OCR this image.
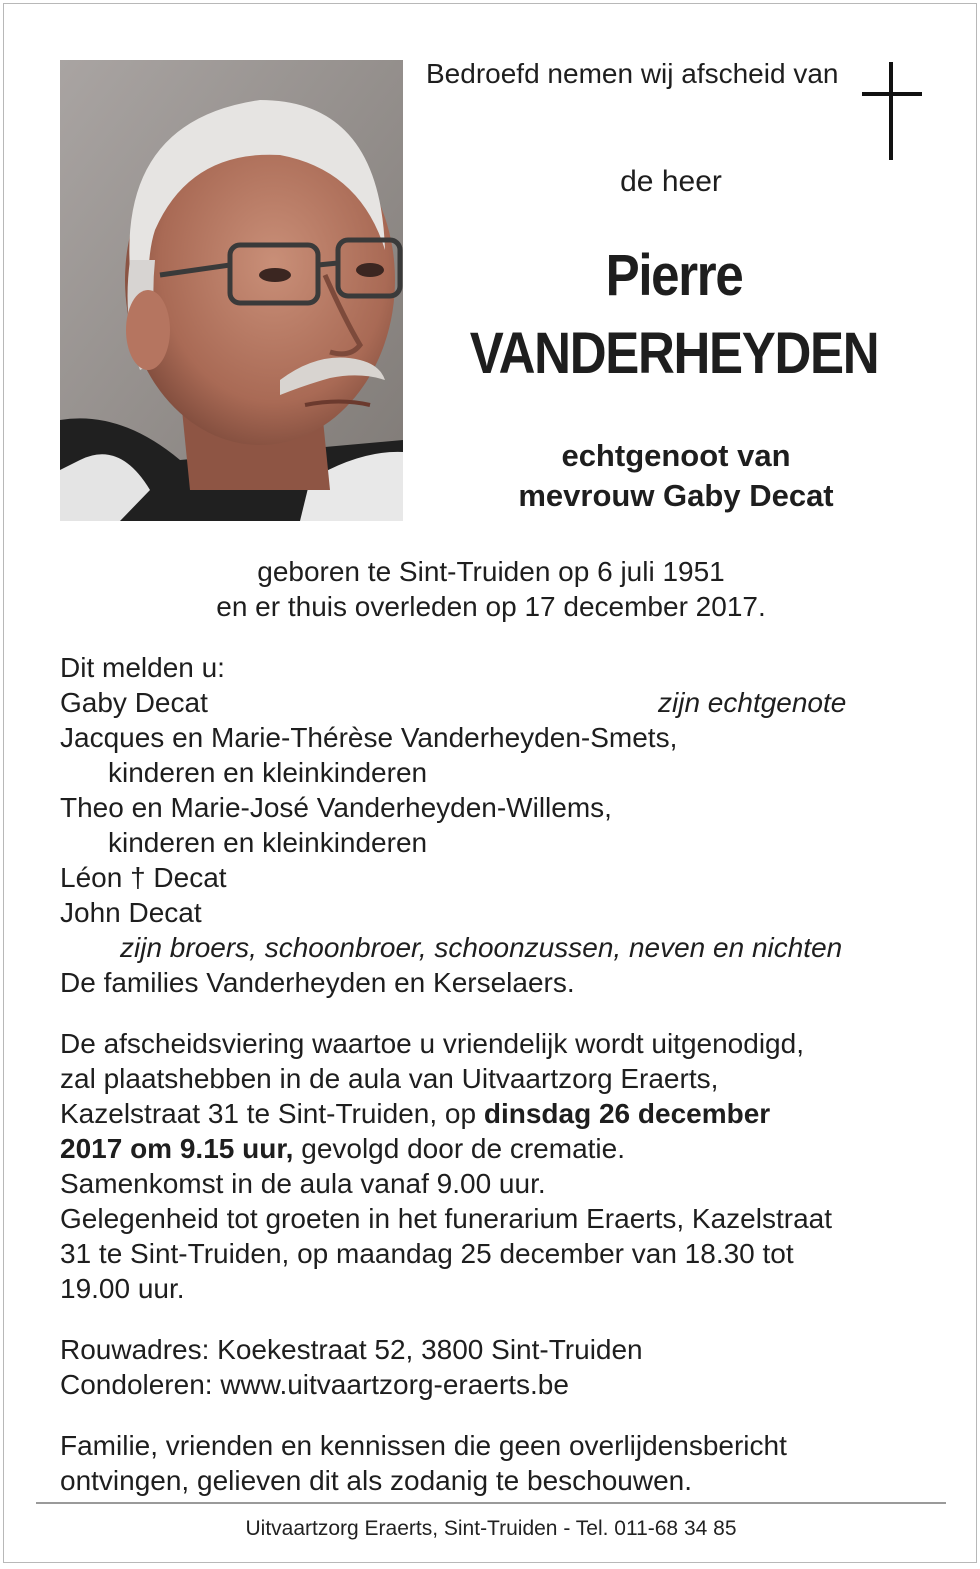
Bedroefd nemen wij afscheid van
de heer
Pierre
VANDERHEYDEN
echtgenoot van
mevrouw Gaby Decat
geboren te Sint-Truiden op 6 juli 1951
en er thuis overleden op 17 december 2017.
Dit melden u:
Gaby Decat	zijn echtgenote
Jacques en Marie-Thérèse Vanderheyden-Smets,
kinderen en kleinkinderen
Theo en Marie-José Vanderheyden-Willems,
kinderen en kleinkinderen
Léon † Decat
John Decat
zijn broers, schoonbroer, schoonzussen, neven en nichten
De families Vanderheyden en Kerselaers.
De afscheidsviering waartoe u vriendelijk wordt uitgenodigd,
zal plaatshebben in de aula van Uitvaartzorg Eraerts,
Kazelstraat 31 te Sint-Truiden, op dinsdag 26 december
2017 om 9.15 uur, gevolgd door de crematie.
Samenkomst in de aula vanaf 9.00 uur.
Gelegenheid tot groeten in het funerarium Eraerts, Kazelstraat
31 te Sint-Truiden, op maandag 25 december van 18.30 tot
19.00 uur.
Rouwadres: Koekestraat 52, 3800 Sint-Truiden
Condoleren: www.uitvaartzorg-eraerts.be
Familie, vrienden en kennissen die geen overlijdensbericht
ontvingen, gelieven dit als zodanig te beschouwen.
Uitvaartzorg Eraerts, Sint-Truiden - Tel. 011-68 34 85
